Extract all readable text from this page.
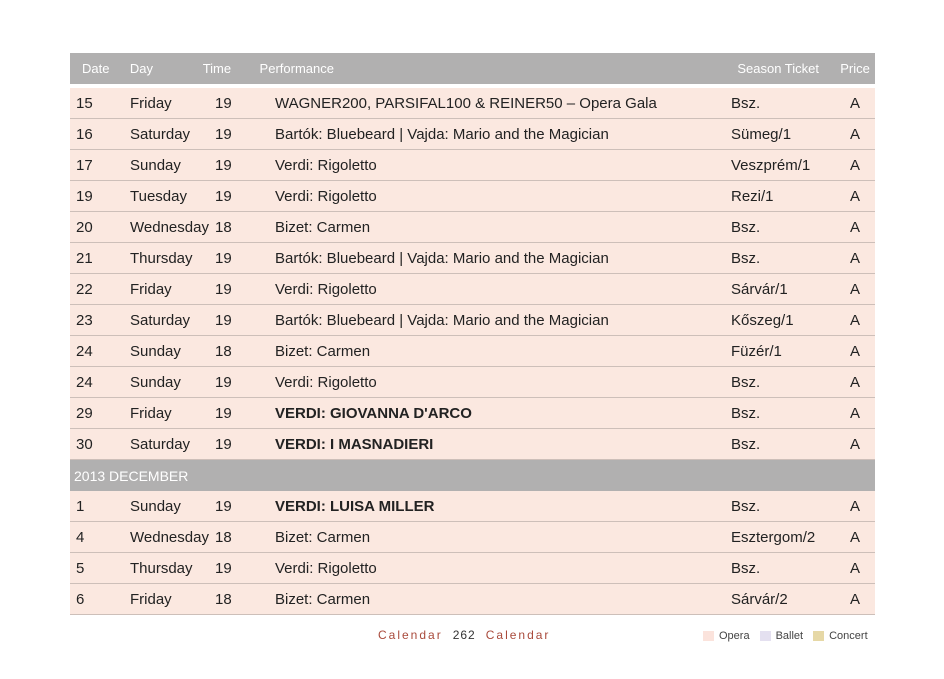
Date	Day	Time	Performance	Season Ticket	Price
15	Friday	19	WAGNER200, PARSIFAL100 & REINER50 – Opera Gala	Bsz.	A
16	Saturday	19	Bartók: Bluebeard | Vajda: Mario and the Magician	Sümeg/1	A
17	Sunday	19	Verdi: Rigoletto	Veszprém/1	A
19	Tuesday	19	Verdi: Rigoletto	Rezi/1	A
20	Wednesday 18	Bizet: Carmen	Bsz.	A
21	Thursday	19	Bartók: Bluebeard | Vajda: Mario and the Magician	Bsz.	A
22	Friday	19	Verdi: Rigoletto	Sárvár/1	A
23	Saturday	19	Bartók: Bluebeard | Vajda: Mario and the Magician	Kőszeg/1	A
24	Sunday	18	Bizet: Carmen	Füzér/1	A
24	Sunday	19	Verdi: Rigoletto	Bsz.	A
29	Friday	19	VERDI: GIOVANNA D'ARCO	Bsz.	A
30	Saturday	19	VERDI: I MASNADIERI	Bsz.	A
2013 DECEMBER
1	Sunday	19	VERDI: LUISA MILLER	Bsz.	A
4	Wednesday 18	Bizet: Carmen	Esztergom/2	A
5	Thursday	19	Verdi: Rigoletto	Bsz.	A
6	Friday	18	Bizet: Carmen	Sárvár/2	A
Calendar 262 Calendar	Opera Ballet Concert
